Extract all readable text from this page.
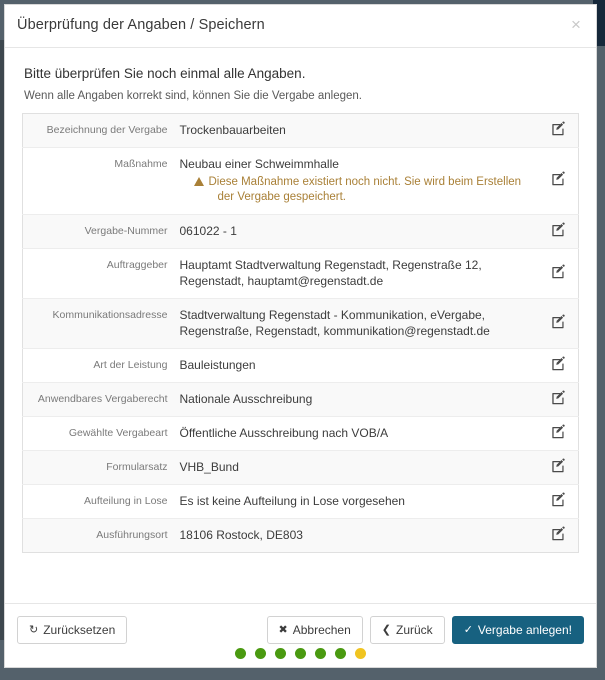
Überprüfung der Angaben / Speichern	×

Bitte überprüfen Sie noch einmal alle Angaben.

Wenn alle Angaben korrekt sind, können Sie die Vergabe anlegen.

Bezeichnung der Vergabe	Trockenbauarbeiten

Maßnahme	Neubau einer Schweimmhalle
Diese Maßnahme existiert noch nicht. Sie wird beim Erstellen der Vergabe gespeichert.

Vergabe-Nummer	061022 - 1

Auftraggeber	Hauptamt Stadtverwaltung Regenstadt, Regenstraße 12, Regenstadt, hauptamt@regenstadt.de

Kommunikationsadresse	Stadtverwaltung Regenstadt - Kommunikation, eVergabe, Regenstraße, Regenstadt, kommunikation@regenstadt.de

Art der Leistung	Bauleistungen

Anwendbares Vergaberecht	Nationale Ausschreibung

Gewählte Vergabeart	Öffentliche Ausschreibung nach VOB/A

Formularsatz	VHB_Bund

Aufteilung in Lose	Es ist keine Aufteilung in Lose vorgesehen

Ausführungsort	18106 Rostock, DE803

↻ Zurücksetzen	✖ Abbrechen	❮ Zurück	✓ Vergabe anlegen!
